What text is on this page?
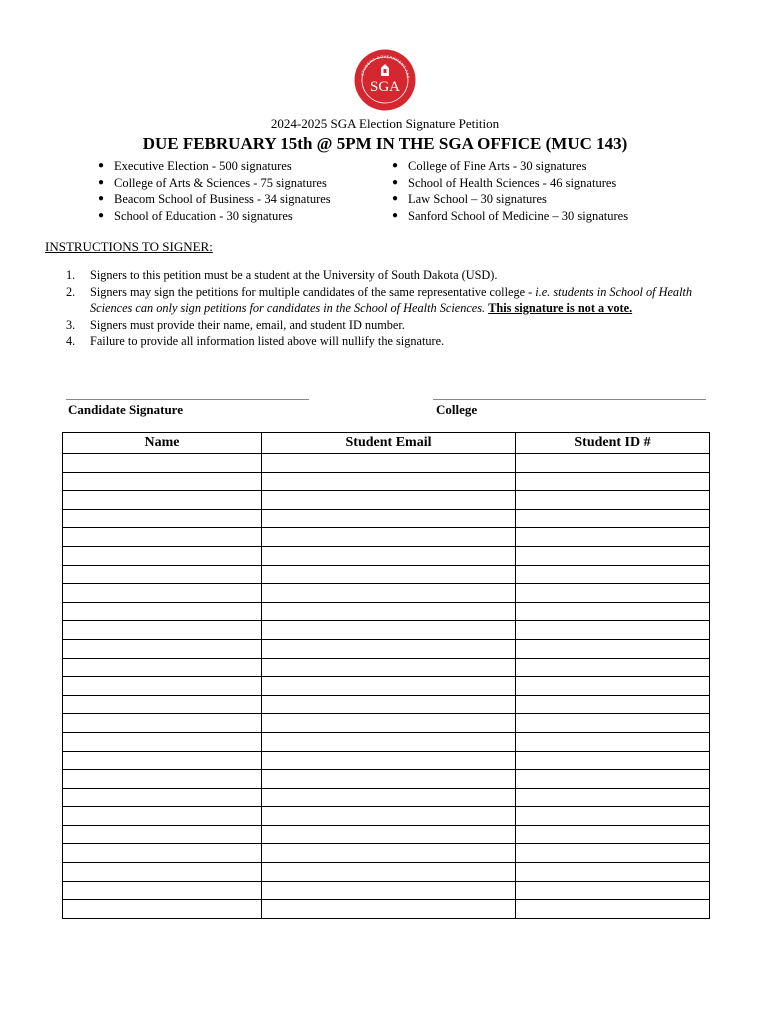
STUDENT GOVERNMENT ASS
SGA
2024-2025 SGA Election Signature Petition
DUE FEBRUARY 15th @ 5PM IN THE SGA OFFICE (MUC 143)
● Executive Election - 500 signatures
● College of Arts & Sciences - 75 signatures
● Beacom School of Business - 34 signatures
● School of Education - 30 signatures
● College of Fine Arts - 30 signatures
● School of Health Sciences - 46 signatures
● Law School – 30 signatures
● Sanford School of Medicine – 30 signatures
INSTRUCTIONS TO SIGNER:
1. Signers to this petition must be a student at the University of South Dakota (USD).
2. Signers may sign the petitions for multiple candidates of the same representative college - i.e. students in School of Health Sciences can only sign petitions for candidates in the School of Health Sciences. This signature is not a vote.
3. Signers must provide their name, email, and student ID number.
4. Failure to provide all information listed above will nullify the signature.
Candidate Signature	College
Name	Student Email	Student ID #
